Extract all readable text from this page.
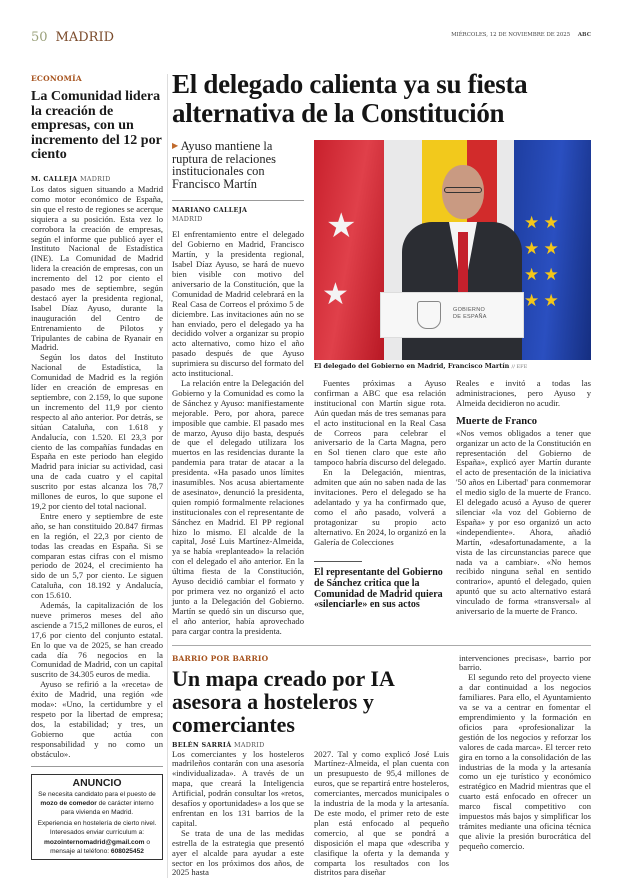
50 MADRID	MIÉRCOLES, 12 DE NOVIEMBRE DE 2025 ABC
ECONOMÍA
La Comunidad lidera la creación de empresas, con un incremento del 12 por ciento
M. CALLEJA MADRID

Los datos siguen situando a Madrid como motor económico de España, sin que el resto de regiones se acerque siquiera a su posición. Esta vez lo corrobora la creación de empresas, según el informe que publicó ayer el Instituto Nacional de Estadística (INE). La Comunidad de Madrid lidera la creación de empresas, con un incremento del 12 por ciento el pasado mes de septiembre, según destacó ayer la presidenta regional, Isabel Díaz Ayuso, durante la inauguración del Centro de Entrenamiento de Pilotos y Tripulantes de cabina de Ryanair en Madrid.

Según los datos del Instituto Nacional de Estadística, la Comunidad de Madrid es la región líder en creación de empresas en septiembre, con 2.159, lo que supone un incremento del 11,9 por ciento respecto al año anterior. Por detrás, se sitúan Cataluña, con 1.618 y Andalucía, con 1.520. El 23,3 por ciento de las compañías fundadas en España en este periodo han elegido Madrid para iniciar su actividad, casi una de cada cuatro y el capital suscrito por estas alcanza los 78,7 millones de euros, lo que supone el 19,2 por ciento del total nacional.

Entre enero y septiembre de este año, se han constituido 20.847 firmas en la región, el 22,3 por ciento de todas las creadas en España. Si se comparan estas cifras con el mismo periodo de 2024, el crecimiento ha sido de un 5,7 por ciento. Le siguen Cataluña, con 18.192 y Andalucía, con 15.610.

Además, la capitalización de los nueve primeros meses del año asciende a 715,2 millones de euros, el 17,6 por ciento del conjunto estatal. En lo que va de 2025, se han creado cada día 76 negocios en la Comunidad de Madrid, con un capital suscrito de 34.305 euros de media.

Ayuso se refirió a la «receta» de éxito de Madrid, una región «de moda»: «Uno, la certidumbre y el respeto por la libertad de empresa; dos, la estabilidad; y tres, un Gobierno que actúa con responsabilidad y no como un obstáculo».

ANUNCIO
Se necesita candidato para el puesto de mozo de comedor de carácter interno para vivienda en Madrid.
Experiencia en hostelería de cierto nivel. Interesados enviar currículum a: mozointernomadrid@gmail.com o mensaje al teléfono: 608025452
El delegado calienta ya su fiesta alternativa de la Constitución
▶ Ayuso mantiene la ruptura de relaciones institucionales con Francisco Martín
MARIANO CALLEJA
MADRID

El enfrentamiento entre el delegado del Gobierno en Madrid, Francisco Martín, y la presidenta regional, Isabel Díaz Ayuso, se hará de nuevo bien visible con motivo del aniversario de la Constitución, que la Comunidad de Madrid celebrará en la Real Casa de Correos el próximo 5 de diciembre. Las invitaciones aún no se han enviado, pero el delegado ya ha decidido volver a organizar su propio acto alternativo, como hizo el año pasado después de que Ayuso suprimiera su discurso del formato del acto institucional.

La relación entre la Delegación del Gobierno y la Comunidad es como la de Sánchez y Ayuso: manifiestamente mejorable. Pero, por ahora, parece imposible que cambie. El pasado mes de marzo, Ayuso dijo basta, después de que el delegado utilizara los muertos en las residencias durante la pandemia para tratar de atacar a la presidenta. «Ha pasado unos límites inasumibles. Nos acusa abiertamente de asesinato», denunció la presidenta, quien rompió formalmente relaciones institucionales con el representante de Sánchez en Madrid. El PP regional hizo lo mismo. El alcalde de la capital, José Luis Martínez-Almeida, ya se había «replanteado» la relación con el delegado el año anterior. En la última fiesta de la Constitución, Ayuso decidió cambiar el formato y por primera vez no organizó el acto junto a la Delegación del Gobierno. Martín se quedó sin un discurso que, el año anterior, había aprovechado para cargar contra la presidenta.

★
★
★ ★
★ ★
★ ★
★ ★
GOBIERNO
DE ESPAÑA
El delegado del Gobierno en Madrid, Francisco Martín // EFE

Fuentes próximas a Ayuso confirman a ABC que esa relación institucional con Martín sigue rota. Aún quedan más de tres semanas para el acto institucional en la Real Casa de Correos para celebrar el aniversario de la Carta Magna, pero en Sol tienen claro que este año tampoco habría discurso del delegado.

En la Delegación, mientras, admiten que aún no saben nada de las invitaciones. Pero el delegado se ha adelantado y ya ha confirmado que, como el año pasado, volverá a protagonizar su propio acto alternativo. En 2024, lo organizó en la Galería de Colecciones

El representante del Gobierno de Sánchez critica que la Comunidad de Madrid quiera «silenciarle» en sus actos

Reales e invitó a todas las administraciones, pero Ayuso y Almeida decidieron no acudir.

Muerte de Franco

«Nos vemos obligados a tener que organizar un acto de la Constitución en representación del Gobierno de España», explicó ayer Martín durante el acto de presentación de la iniciativa '50 años en Libertad' para conmemorar el medio siglo de la muerte de Franco. El delegado acusó a Ayuso de querer silenciar «la voz del Gobierno de España» y por eso organizó un acto «independiente». Ahora, añadió Martín, «desafortunadamente, a la vista de las circunstancias parece que nada va a cambiar». «No hemos recibido ninguna señal en sentido contrario», apuntó el delegado, quien apuntó que su acto alternativo estará vinculado de forma «transversal» al aniversario de la muerte de Franco.

BARRIO POR BARRIO
Un mapa creado por IA asesora a hosteleros y comerciantes
BELÉN SARRIÁ MADRID

Los comerciantes y los hosteleros madrileños contarán con una asesoría «individualizada». A través de un mapa, que creará la Inteligencia Artificial, podrán consultar los «retos, desafíos y oportunidades» a los que se enfrentan en los 131 barrios de la capital.

Se trata de una de las medidas estrella de la estrategia que presentó ayer el alcalde para ayudar a este sector en los próximos dos años, de 2025 hasta

2027. Tal y como explicó José Luis Martínez-Almeida, el plan cuenta con un presupuesto de 95,4 millones de euros, que se repartirá entre hosteleros, comerciantes, mercados municipales o la industria de la moda y la artesanía. De este modo, el primer reto de este plan está enfocado al pequeño comercio, al que se pondrá a disposición el mapa que «describa y clasifique la oferta y la demanda y comparta los resultados con los distritos para diseñar

intervenciones precisas», barrio por barrio.

El segundo reto del proyecto viene a dar continuidad a los negocios familiares. Para ello, el Ayuntamiento va se va a centrar en fomentar el emprendimiento y la formación en oficios para «profesionalizar la gestión de los negocios y reforzar los valores de cada marca». El tercer reto gira en torno a la consolidación de las industrias de la moda y la artesanía como un eje turístico y económico estratégico en Madrid mientras que el cuarto está enfocado en ofrecer un marco fiscal competitivo con impuestos más bajos y simplificar los trámites mediante una oficina técnica que alivie la presión burocrática del pequeño comercio.
